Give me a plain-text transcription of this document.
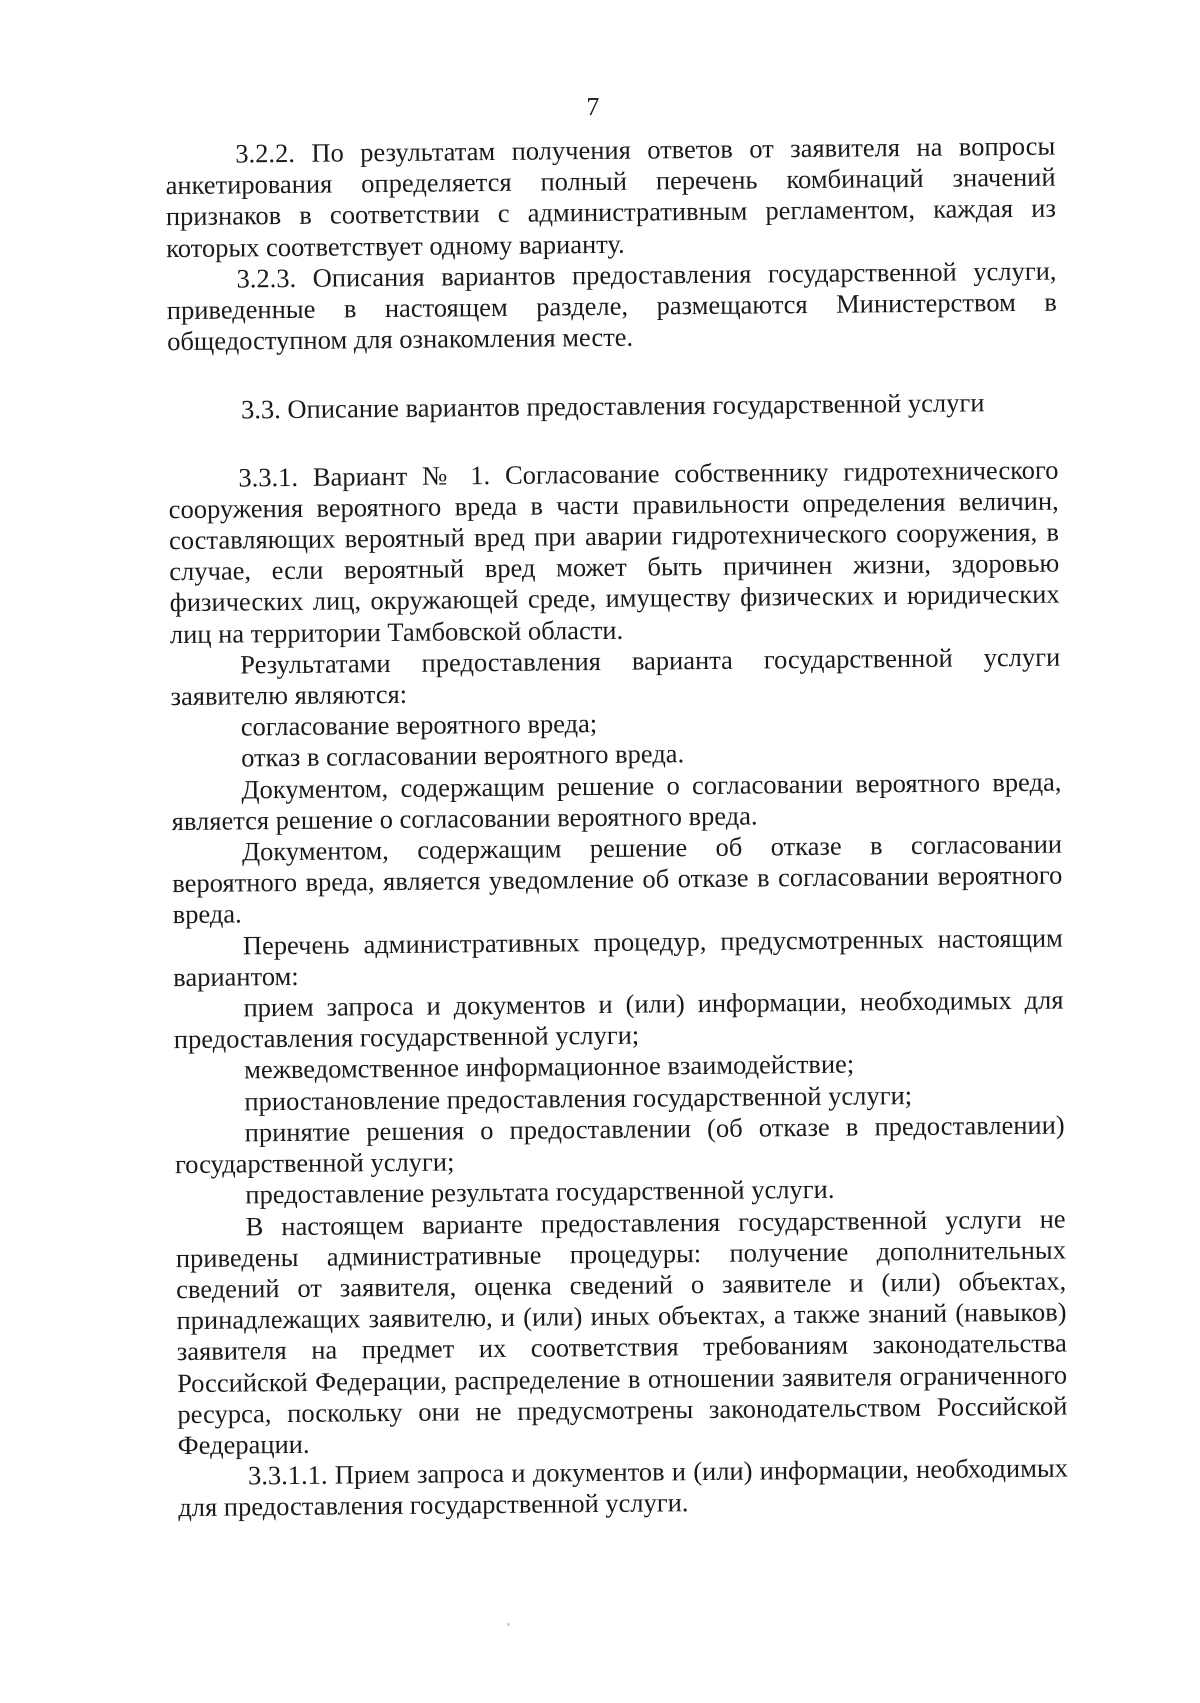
7

3.2.2. По результатам получения ответов от заявителя на вопросы анкетирования определяется полный перечень комбинаций значений признаков в соответствии с административным регламентом, каждая из которых соответствует одному варианту.

3.2.3. Описания вариантов предоставления государственной услуги, приведенные в настоящем разделе, размещаются Министерством в общедоступном для ознакомления месте.

3.3. Описание вариантов предоставления государственной услуги

3.3.1. Вариант № 1. Согласование собственнику гидротехнического сооружения вероятного вреда в части правильности определения величин, составляющих вероятный вред при аварии гидротехнического сооружения, в случае, если вероятный вред может быть причинен жизни, здоровью физических лиц, окружающей среде, имуществу физических и юридических лиц на территории Тамбовской области.

Результатами предоставления варианта государственной услуги заявителю являются:

согласование вероятного вреда;

отказ в согласовании вероятного вреда.

Документом, содержащим решение о согласовании вероятного вреда, является решение о согласовании вероятного вреда.

Документом, содержащим решение об отказе в согласовании вероятного вреда, является уведомление об отказе в согласовании вероятного вреда.

Перечень административных процедур, предусмотренных настоящим вариантом:

прием запроса и документов и (или) информации, необходимых для предоставления государственной услуги;

межведомственное информационное взаимодействие;

приостановление предоставления государственной услуги;

принятие решения о предоставлении (об отказе в предоставлении) государственной услуги;

предоставление результата государственной услуги.

В настоящем варианте предоставления государственной услуги не приведены административные процедуры: получение дополнительных сведений от заявителя, оценка сведений о заявителе и (или) объектах, принадлежащих заявителю, и (или) иных объектах, а также знаний (навыков) заявителя на предмет их соответствия требованиям законодательства Российской Федерации, распределение в отношении заявителя ограниченного ресурса, поскольку они не предусмотрены законодательством Российской Федерации.

3.3.1.1. Прием запроса и документов и (или) информации, необходимых для предоставления государственной услуги.
